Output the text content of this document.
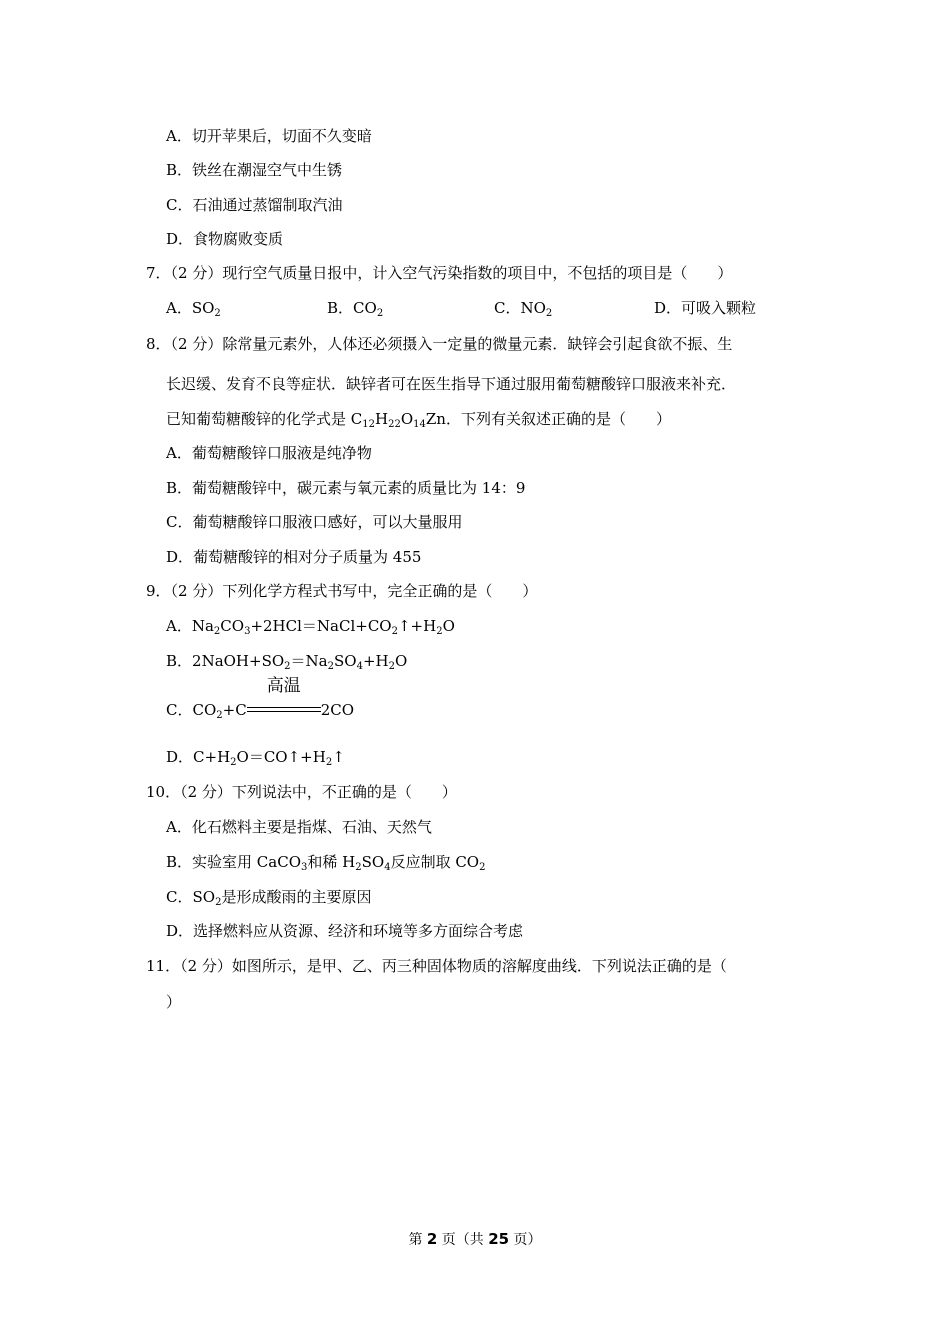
A．切开苹果后，切面不久变暗
B．铁丝在潮湿空气中生锈
C．石油通过蒸馏制取汽油
D．食物腐败变质
7．（2 分）现行空气质量日报中，计入空气污染指数的项目中，不包括的项目是（　　）
A．$SO_2$	B．$CO_2$	C．$NO_2$	D．可吸入颗粒
8．（2 分）除常量元素外，人体还必须摄入一定量的微量元素．缺锌会引起食欲不振、生
长迟缓、发育不良等症状．缺锌者可在医生指导下通过服用葡萄糖酸锌口服液来补充．
已知葡萄糖酸锌的化学式是 $C_{12}H_{22}O_{14}Zn$．下列有关叙述正确的是（　　）
A．葡萄糖酸锌口服液是纯净物
B．葡萄糖酸锌中，碳元素与氧元素的质量比为 14：9
C．葡萄糖酸锌口服液口感好，可以大量服用
D．葡萄糖酸锌的相对分子质量为 455
9．（2 分）下列化学方程式书写中，完全正确的是（　　）
A．$Na_2CO_3+2HCl=NaCl+CO_2↑+H_2O$
B．$2NaOH+SO_2=Na_2SO_4+H_2O$
C．$CO_2+C$
高温
2CO
D．$C+H_2O=CO↑+H_2↑$
10．（2 分）下列说法中，不正确的是（　　）
A．化石燃料主要是指煤、石油、天然气
B．实验室用 CaCO$_3$和稀 $H_2SO_4$反应制取 $CO_2$
C．$SO_2$是形成酸雨的主要原因
D．选择燃料应从资源、经济和环境等多方面综合考虑
11．（2 分）如图所示，是甲、乙、丙三种固体物质的溶解度曲线．下列说法正确的是（
）
第 2 页（共 25 页）
